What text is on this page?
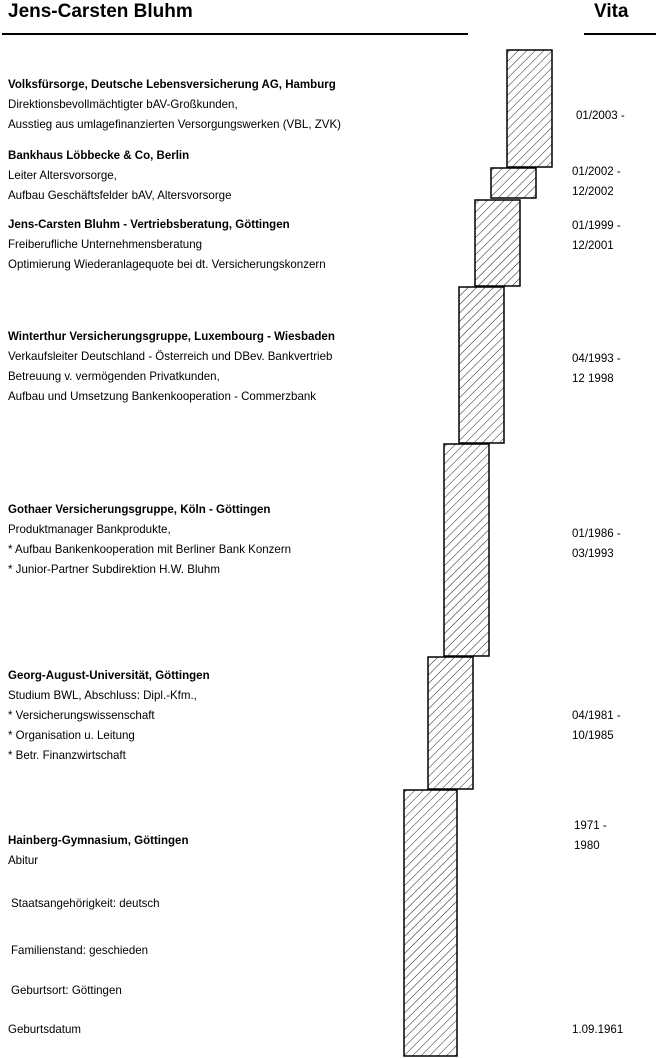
Jens-Carsten Bluhm	Vita
Volksfürsorge, Deutsche Lebensversicherung AG, Hamburg
Direktionsbevollmächtigter bAV-Großkunden,
Ausstieg aus umlagefinanzierten Versorgungswerken (VBL, ZVK)
01/2003 -
Bankhaus Löbbecke & Co, Berlin
Leiter Altersvorsorge,
Aufbau Geschäftsfelder bAV, Altersvorsorge
01/2002 -
12/2002
Jens-Carsten Bluhm - Vertriebsberatung, Göttingen
Freiberufliche Unternehmensberatung
Optimierung Wiederanlagequote bei dt. Versicherungskonzern
01/1999 -
12/2001
Winterthur Versicherungsgruppe, Luxembourg - Wiesbaden
Verkaufsleiter Deutschland - Österreich und DBev. Bankvertrieb
Betreuung v. vermögenden Privatkunden,
Aufbau und Umsetzung Bankenkooperation - Commerzbank
04/1993 -
12 1998
Gothaer Versicherungsgruppe, Köln - Göttingen
Produktmanager Bankprodukte,
* Aufbau Bankenkooperation mit Berliner Bank Konzern
* Junior-Partner Subdirektion H.W. Bluhm
01/1986 -
03/1993
Georg-August-Universität, Göttingen
Studium BWL, Abschluss: Dipl.-Kfm.,
* Versicherungswissenschaft
* Organisation u. Leitung
* Betr. Finanzwirtschaft
04/1981 -
10/1985
Hainberg-Gymnasium, Göttingen
Abitur
1971 -
1980
Staatsangehörigkeit: deutsch
Familienstand: geschieden
Geburtsort: Göttingen
Geburtsdatum	1.09.1961
